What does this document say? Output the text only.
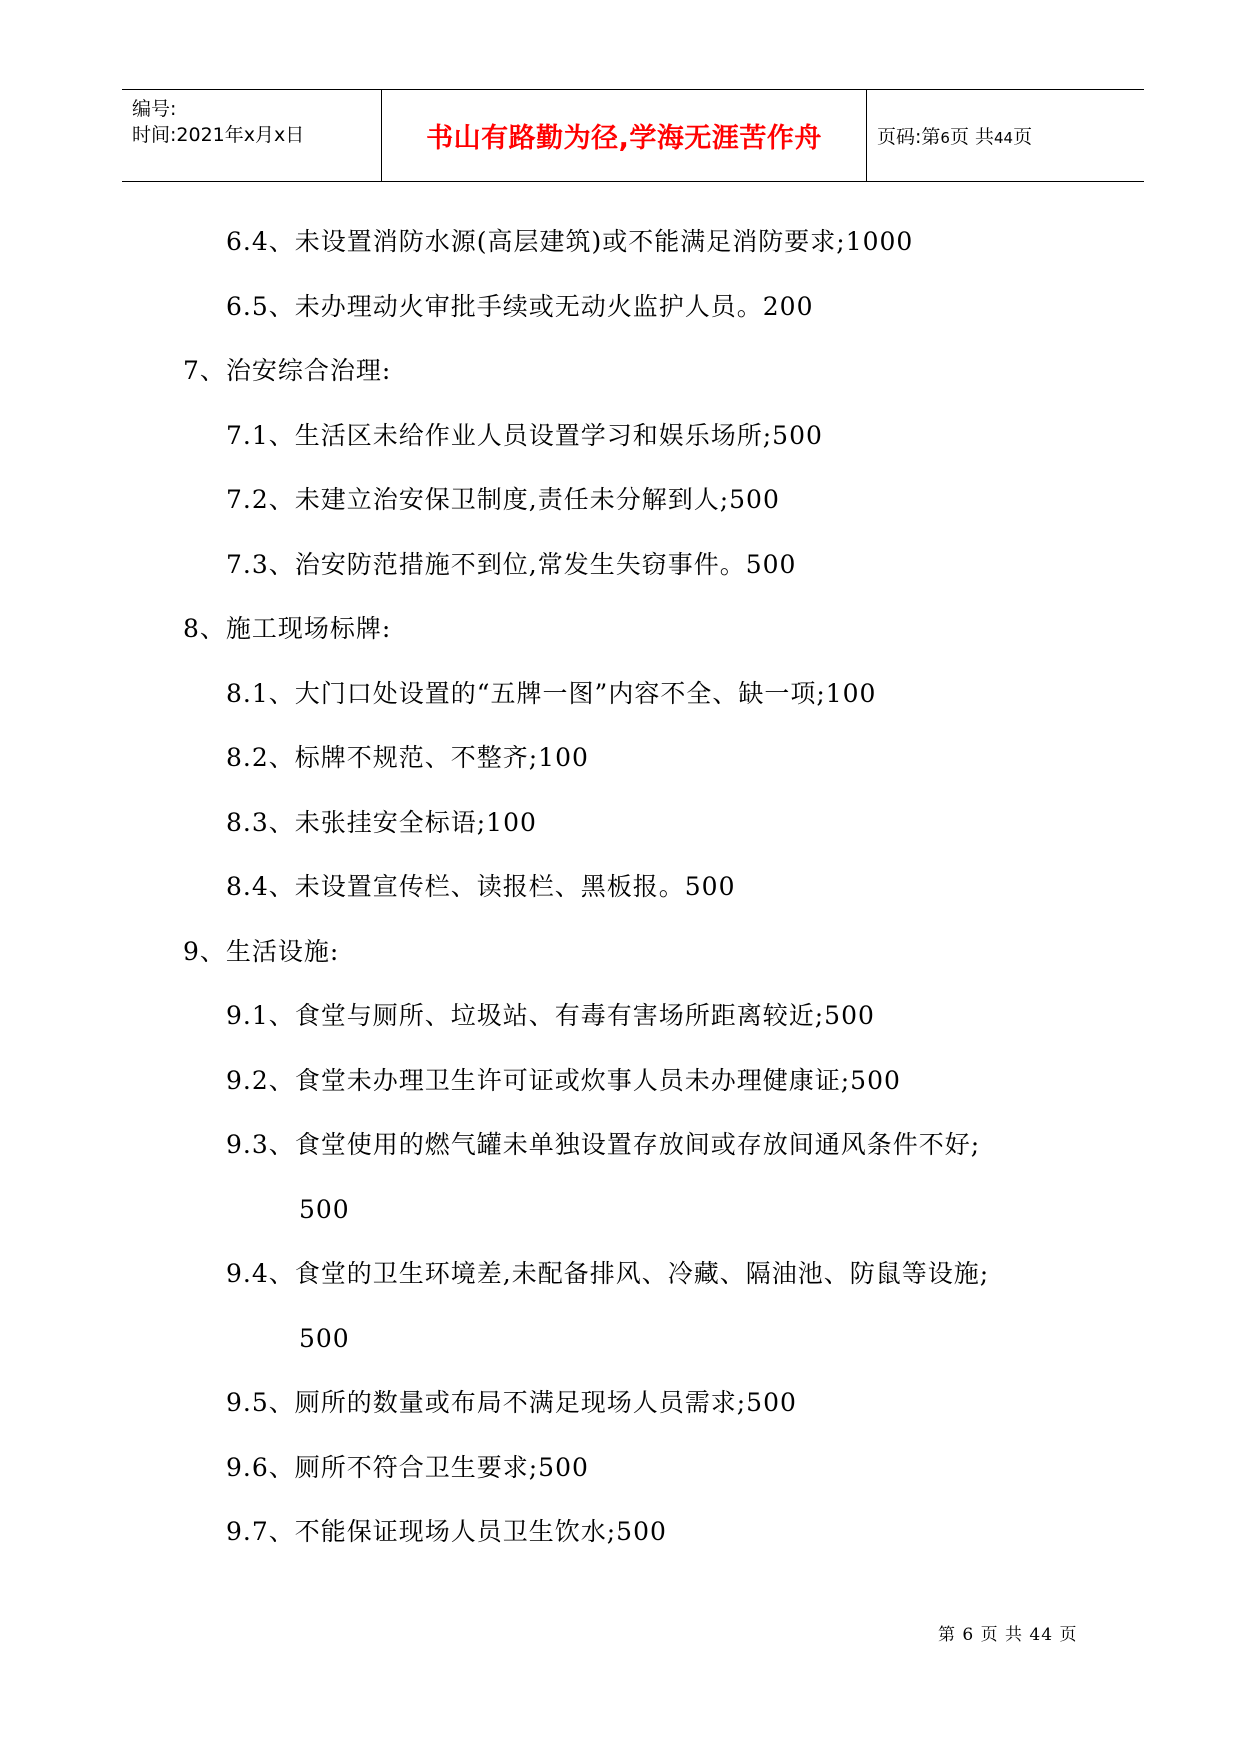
编号:
时间:2021年x月x日	书山有路勤为径,学海无涯苦作舟	页码:第6页 共44页
6.4、未设置消防水源(高层建筑)或不能满足消防要求;1000
6.5、未办理动火审批手续或无动火监护人员。200
7、治安综合治理:
7.1、生活区未给作业人员设置学习和娱乐场所;500
7.2、未建立治安保卫制度,责任未分解到人;500
7.3、治安防范措施不到位,常发生失窃事件。500
8、施工现场标牌:
8.1、大门口处设置的“五牌一图”内容不全、缺一项;100
8.2、标牌不规范、不整齐;100
8.3、未张挂安全标语;100
8.4、未设置宣传栏、读报栏、黑板报。500
9、生活设施:
9.1、食堂与厕所、垃圾站、有毒有害场所距离较近;500
9.2、食堂未办理卫生许可证或炊事人员未办理健康证;500
9.3、食堂使用的燃气罐未单独设置存放间或存放间通风条件不好;
500
9.4、食堂的卫生环境差,未配备排风、冷藏、隔油池、防鼠等设施;
500
9.5、厕所的数量或布局不满足现场人员需求;500
9.6、厕所不符合卫生要求;500
9.7、不能保证现场人员卫生饮水;500
第 6 页 共 44 页
